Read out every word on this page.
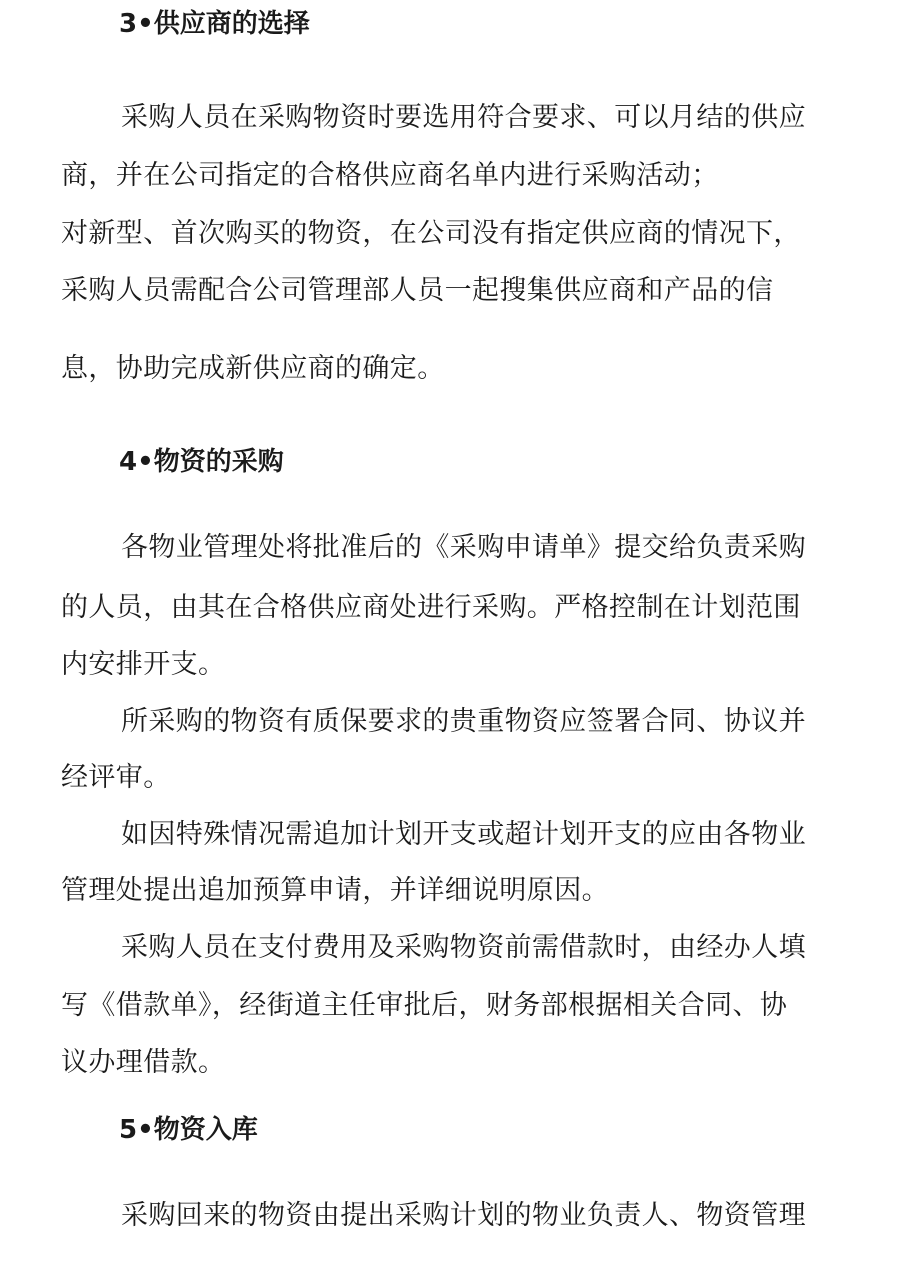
3•供应商的选择

采购人员在采购物资时要选用符合要求、可以月结的供应

商，并在公司指定的合格供应商名单内进行采购活动；

对新型、首次购买的物资，在公司没有指定供应商的情况下，

采购人员需配合公司管理部人员一起搜集供应商和产品的信

息，协助完成新供应商的确定。

4•物资的采购

各物业管理处将批准后的《采购申请单》提交给负责采购

的人员，由其在合格供应商处进行采购。严格控制在计划范围

内安排开支。

所采购的物资有质保要求的贵重物资应签署合同、协议并

经评审。

如因特殊情况需追加计划开支或超计划开支的应由各物业

管理处提出追加预算申请，并详细说明原因。

采购人员在支付费用及采购物资前需借款时，由经办人填

写《借款单》，经街道主任审批后，财务部根据相关合同、协

议办理借款。

5•物资入库

采购回来的物资由提出采购计划的物业负责人、物资管理
